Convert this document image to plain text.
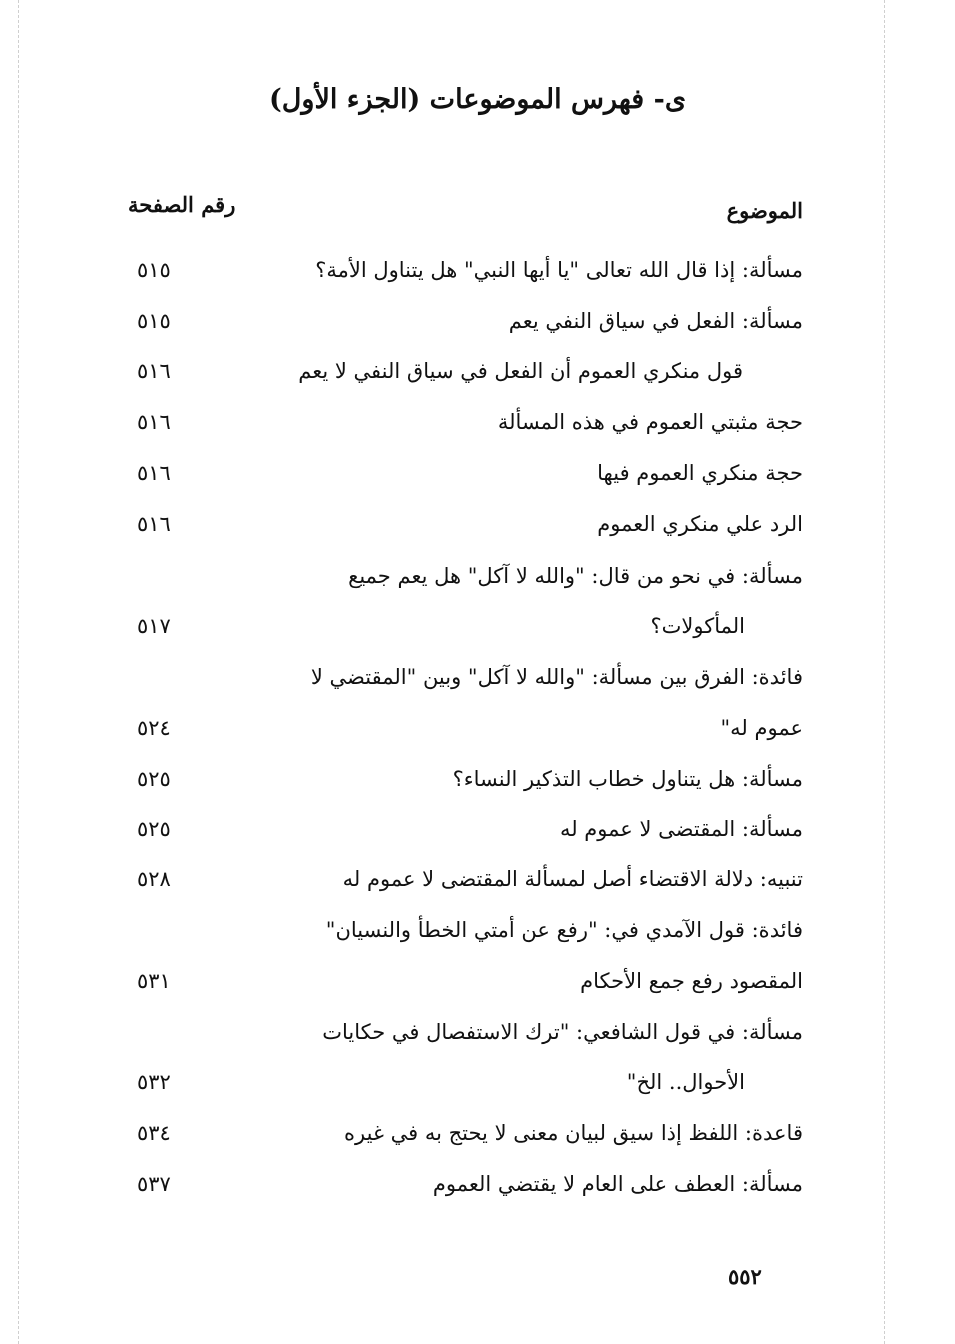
ى- فهرس الموضوعات (الجزء الأول)
الموضوع
رقم الصفحة
مسألة: إذا قال الله تعالى "يا أيها النبي" هل يتناول الأمة؟
٥١٥
مسألة: الفعل في سياق النفي يعم
٥١٥
قول منكري العموم أن الفعل في سياق النفي لا يعم
٥١٦
حجة مثبتي العموم في هذه المسألة
٥١٦
حجة منكري العموم فيها
٥١٦
الرد علي منكري العموم
٥١٦
مسألة: في نحو من قال: "والله لا آكل" هل يعم جميع
المأكولات؟
٥١٧
فائدة: الفرق بين مسألة: "والله لا آكل" وبين "المقتضي لا
عموم له"
٥٢٤
مسألة: هل يتناول خطاب التذكير النساء؟
٥٢٥
مسألة: المقتضى لا عموم له
٥٢٥
تنبيه: دلالة الاقتضاء أصل لمسألة المقتضى لا عموم له
٥٢٨
فائدة: قول الآمدي في: "رفع عن أمتي الخطأ والنسيان"
المقصود رفع جمع الأحكام
٥٣١
مسألة: في قول الشافعي: "ترك الاستفصال في حكايات
الأحوال.. الخ"
٥٣٢
قاعدة: اللفظ إذا سيق لبيان معنى لا يحتج به في غيره
٥٣٤
مسألة: العطف على العام لا يقتضي العموم
٥٣٧
٥٥٢
